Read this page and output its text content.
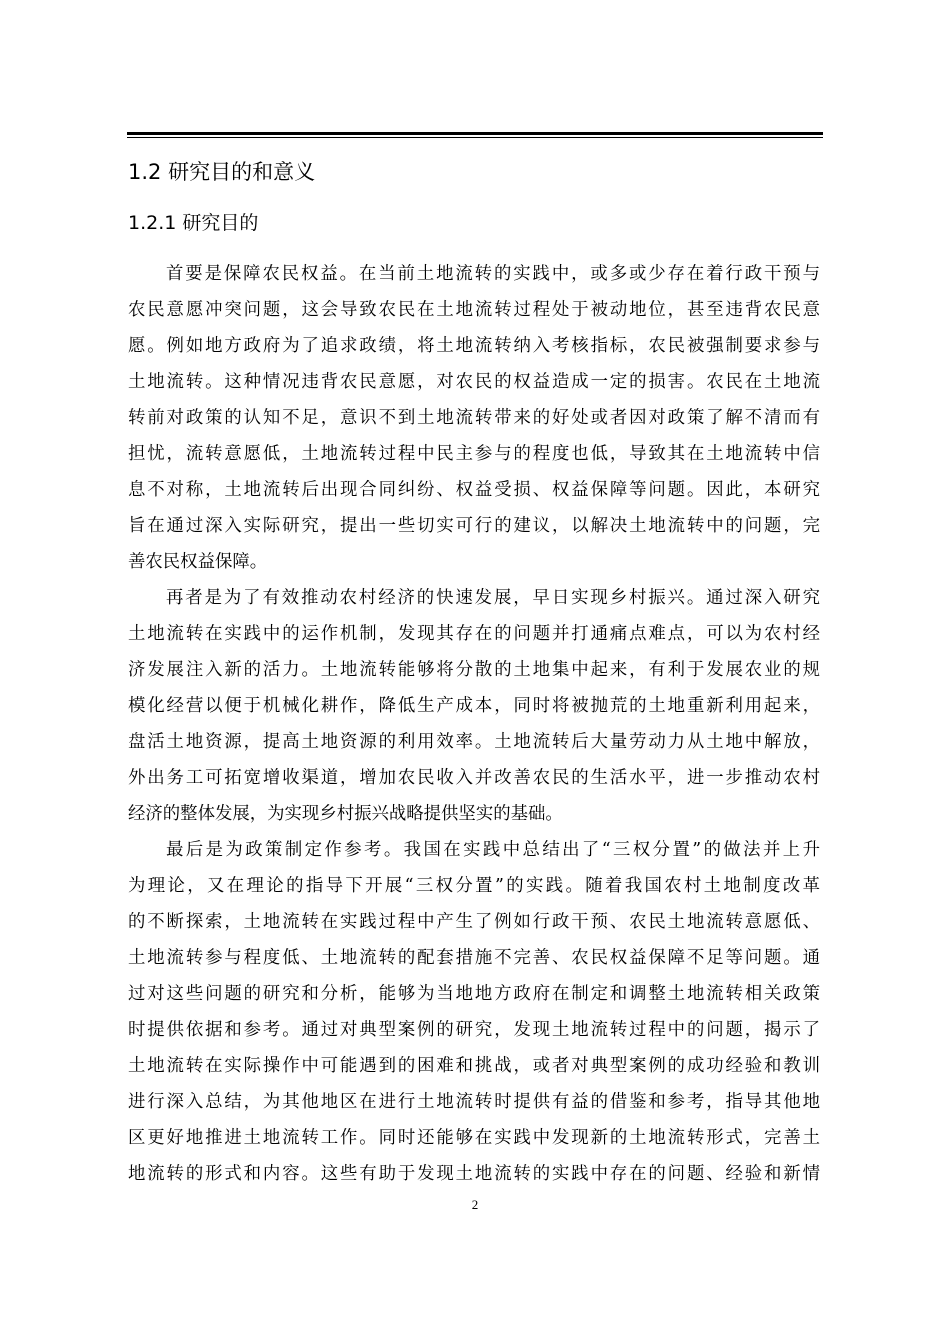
1.2 研究目的和意义
1.2.1 研究目的
首要是保障农民权益。在当前土地流转的实践中，或多或少存在着行政干预与
农民意愿冲突问题，这会导致农民在土地流转过程处于被动地位，甚至违背农民意
愿。例如地方政府为了追求政绩，将土地流转纳入考核指标，农民被强制要求参与
土地流转。这种情况违背农民意愿，对农民的权益造成一定的损害。农民在土地流
转前对政策的认知不足，意识不到土地流转带来的好处或者因对政策了解不清而有
担忧，流转意愿低，土地流转过程中民主参与的程度也低，导致其在土地流转中信
息不对称，土地流转后出现合同纠纷、权益受损、权益保障等问题。因此，本研究
旨在通过深入实际研究，提出一些切实可行的建议，以解决土地流转中的问题，完
善农民权益保障。
再者是为了有效推动农村经济的快速发展，早日实现乡村振兴。通过深入研究
土地流转在实践中的运作机制，发现其存在的问题并打通痛点难点，可以为农村经
济发展注入新的活力。土地流转能够将分散的土地集中起来，有利于发展农业的规
模化经营以便于机械化耕作，降低生产成本，同时将被抛荒的土地重新利用起来，
盘活土地资源，提高土地资源的利用效率。土地流转后大量劳动力从土地中解放，
外出务工可拓宽增收渠道，增加农民收入并改善农民的生活水平，进一步推动农村
经济的整体发展，为实现乡村振兴战略提供坚实的基础。
最后是为政策制定作参考。我国在实践中总结出了“三权分置”的做法并上升
为理论，又在理论的指导下开展“三权分置”的实践。随着我国农村土地制度改革
的不断探索，土地流转在实践过程中产生了例如行政干预、农民土地流转意愿低、
土地流转参与程度低、土地流转的配套措施不完善、农民权益保障不足等问题。通
过对这些问题的研究和分析，能够为当地地方政府在制定和调整土地流转相关政策
时提供依据和参考。通过对典型案例的研究，发现土地流转过程中的问题，揭示了
土地流转在实际操作中可能遇到的困难和挑战，或者对典型案例的成功经验和教训
进行深入总结，为其他地区在进行土地流转时提供有益的借鉴和参考，指导其他地
区更好地推进土地流转工作。同时还能够在实践中发现新的土地流转形式，完善土
地流转的形式和内容。这些有助于发现土地流转的实践中存在的问题、经验和新情
2
